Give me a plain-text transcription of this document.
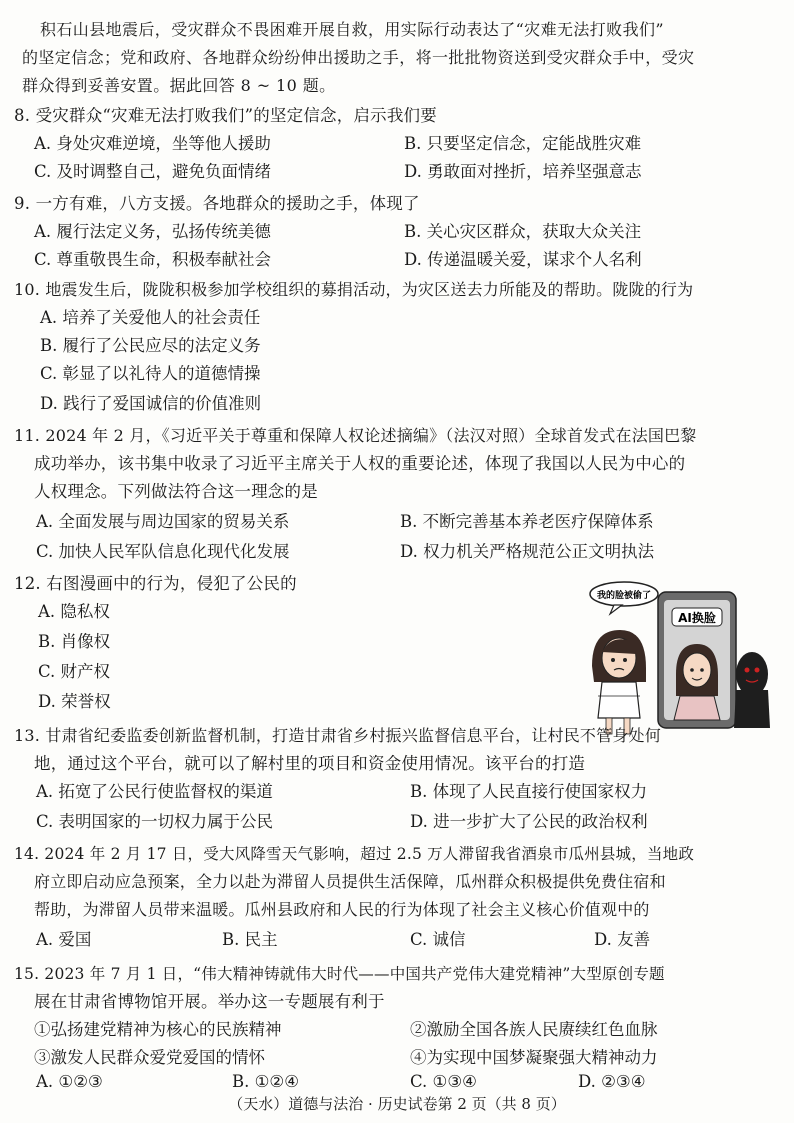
积石山县地震后，受灾群众不畏困难开展自救，用实际行动表达了“灾难无法打败我们”
的坚定信念；党和政府、各地群众纷纷伸出援助之手，将一批批物资送到受灾群众手中，受灾
群众得到妥善安置。据此回答 8 ~ 10 题。
8. 受灾群众“灾难无法打败我们”的坚定信念，启示我们要
A. 身处灾难逆境，坐等他人援助	B. 只要坚定信念，定能战胜灾难
C. 及时调整自己，避免负面情绪	D. 勇敢面对挫折，培养坚强意志
9. 一方有难，八方支援。各地群众的援助之手，体现了
A. 履行法定义务，弘扬传统美德	B. 关心灾区群众，获取大众关注
C. 尊重敬畏生命，积极奉献社会	D. 传递温暖关爱，谋求个人名利
10. 地震发生后，陇陇积极参加学校组织的募捐活动，为灾区送去力所能及的帮助。陇陇的行为
A. 培养了关爱他人的社会责任
B. 履行了公民应尽的法定义务
C. 彰显了以礼待人的道德情操
D. 践行了爱国诚信的价值准则
11. 2024 年 2 月，《习近平关于尊重和保障人权论述摘编》（法汉对照）全球首发式在法国巴黎
成功举办，该书集中收录了习近平主席关于人权的重要论述，体现了我国以人民为中心的
人权理念。下列做法符合这一理念的是
A. 全面发展与周边国家的贸易关系	B. 不断完善基本养老医疗保障体系
C. 加快人民军队信息化现代化发展	D. 权力机关严格规范公正文明执法
12. 右图漫画中的行为，侵犯了公民的
A. 隐私权
B. 肖像权
C. 财产权
D. 荣誉权
我的脸被偷了
AI换脸
13. 甘肃省纪委监委创新监督机制，打造甘肃省乡村振兴监督信息平台，让村民不管身处何
地，通过这个平台，就可以了解村里的项目和资金使用情况。该平台的打造
A. 拓宽了公民行使监督权的渠道	B. 体现了人民直接行使国家权力
C. 表明国家的一切权力属于公民	D. 进一步扩大了公民的政治权利
14. 2024 年 2 月 17 日，受大风降雪天气影响，超过 2.5 万人滞留我省酒泉市瓜州县城，当地政
府立即启动应急预案，全力以赴为滞留人员提供生活保障，瓜州群众积极提供免费住宿和
帮助，为滞留人员带来温暖。瓜州县政府和人民的行为体现了社会主义核心价值观中的
A. 爱国	B. 民主	C. 诚信	D. 友善
15. 2023 年 7 月 1 日，“伟大精神铸就伟大时代——中国共产党伟大建党精神”大型原创专题
展在甘肃省博物馆开展。举办这一专题展有利于
①弘扬建党精神为核心的民族精神	②激励全国各族人民赓续红色血脉
③激发人民群众爱党爱国的情怀	④为实现中国梦凝聚强大精神动力
A. ①②③	B. ①②④	C. ①③④	D. ②③④
（天水）道德与法治 · 历史试卷第 2 页（共 8 页）
